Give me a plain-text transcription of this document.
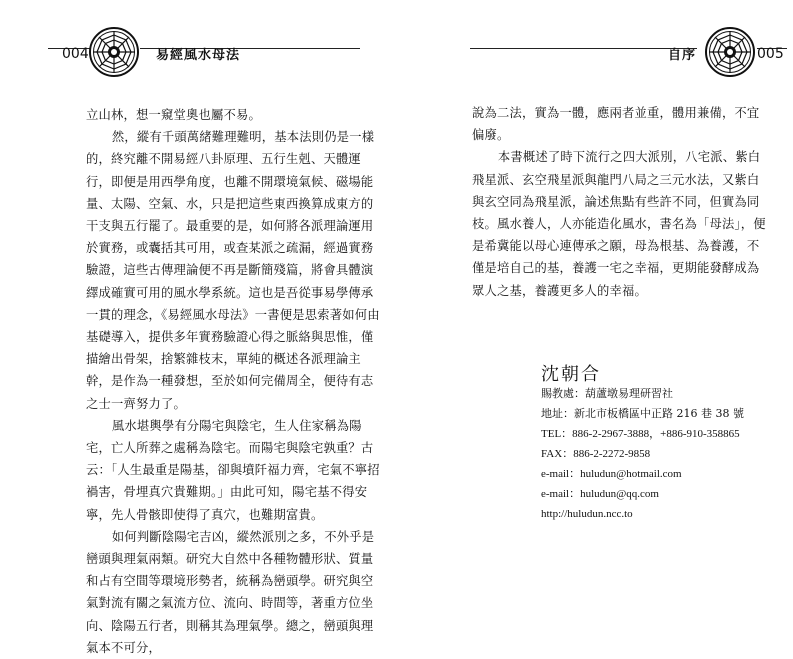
004	易經風水母法	自序	005

立山林，想一窺堂奧也屬不易。

然，縱有千頭萬緒難理難明，基本法則仍是一樣的，終究離不開易經八卦原理、五行生剋、天體運行，即便是用西學角度，也離不開環境氣候、磁場能量、太陽、空氣、水，只是把這些東西換算成東方的干支與五行罷了。最重要的是，如何將各派理論運用於實務，或囊括其可用，或查某派之疏漏，經過實務驗證，這些古傳理論便不再是斷簡殘篇，將會具體演繹成確實可用的風水學系統。這也是吾從事易學傳承一貫的理念，《易經風水母法》一書便是思索著如何由基礎導入，提供多年實務驗證心得之脈絡與思惟，僅描繪出骨架，捨繁雜枝末，單純的概述各派理論主幹，是作為一種發想，至於如何完備周全，便待有志之士一齊努力了。

風水堪輿學有分陽宅與陰宅，生人住家稱為陽宅，亡人所葬之處稱為陰宅。而陽宅與陰宅孰重？古云：「人生最重是陽基，卻與墳阡福力齊，宅氣不寧招禍害，骨埋真穴貴難期。」由此可知，陽宅基不得安寧，先人骨骸即使得了真穴，也難期富貴。

如何判斷陰陽宅吉凶，縱然派別之多，不外乎是巒頭與理氣兩類。研究大自然中各種物體形狀、質量和占有空間等環境形勢者，統稱為巒頭學。研究與空氣對流有關之氣流方位、流向、時間等，著重方位坐向、陰陽五行者，則稱其為理氣學。總之，巒頭與理氣本不可分，

說為二法，實為一體，應兩者並重，體用兼備，不宜偏廢。

本書概述了時下流行之四大派別，八宅派、紫白飛星派、玄空飛星派與龍門八局之三元水法，又紫白與玄空同為飛星派，論述焦點有些許不同，但實為同枝。風水養人，人亦能造化風水，書名為「母法」，便是希冀能以母心連傳承之願，母為根基、為養護，不僅是培自己的基，養護一宅之幸福，更期能發酵成為眾人之基，養護更多人的幸福。

沈朝合
賜教處：葫蘆墩易理研習社
地址：新北市板橋區中正路 216 巷 38 號
TEL：886-2-2967-3888，+886-910-358865
FAX：886-2-2272-9858
e-mail：huludun@hotmail.com
e-mail：huludun@qq.com
http://huludun.ncc.to
